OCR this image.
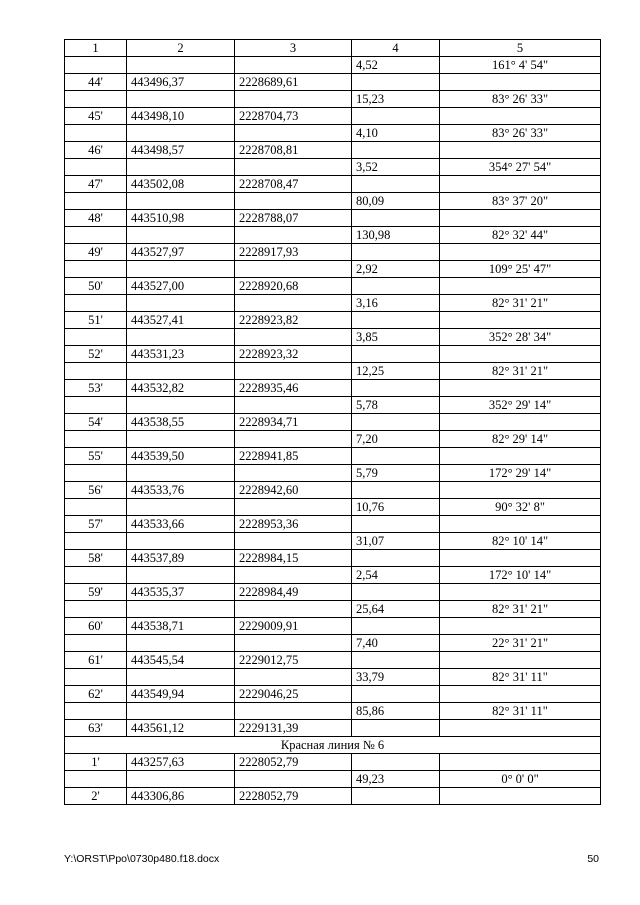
1	2	3	4	5
			4,52	161° 4' 54"
44'	443496,37	2228689,61		
			15,23	83° 26' 33"
45'	443498,10	2228704,73		
			4,10	83° 26' 33"
46'	443498,57	2228708,81		
			3,52	354° 27' 54"
47'	443502,08	2228708,47		
			80,09	83° 37' 20"
48'	443510,98	2228788,07		
			130,98	82° 32' 44"
49'	443527,97	2228917,93		
			2,92	109° 25' 47"
50'	443527,00	2228920,68		
			3,16	82° 31' 21"
51'	443527,41	2228923,82		
			3,85	352° 28' 34"
52'	443531,23	2228923,32		
			12,25	82° 31' 21"
53'	443532,82	2228935,46		
			5,78	352° 29' 14"
54'	443538,55	2228934,71		
			7,20	82° 29' 14"
55'	443539,50	2228941,85		
			5,79	172° 29' 14"
56'	443533,76	2228942,60		
			10,76	90° 32' 8"
57'	443533,66	2228953,36		
			31,07	82° 10' 14"
58'	443537,89	2228984,15		
			2,54	172° 10' 14"
59'	443535,37	2228984,49		
			25,64	82° 31' 21"
60'	443538,71	2229009,91		
			7,40	22° 31' 21"
61'	443545,54	2229012,75		
			33,79	82° 31' 11"
62'	443549,94	2229046,25		
			85,86	82° 31' 11"
63'	443561,12	2229131,39		
Красная линия № 6				
1'	443257,63	2228052,79		
			49,23	0° 0' 0"
2'	443306,86	2228052,79		
Y:\ORST\Ppo\0730p480.f18.docx	50
